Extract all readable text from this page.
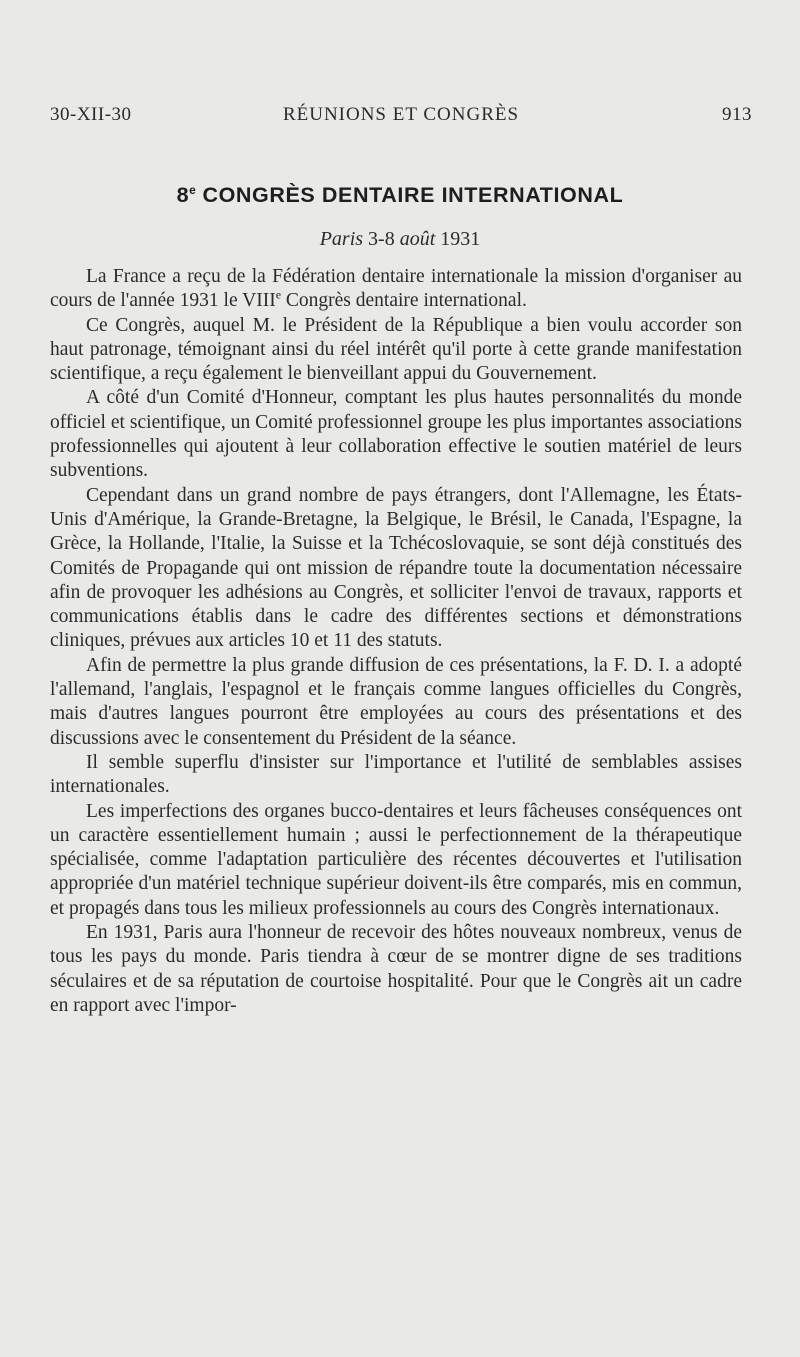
30-XII-30	RÉUNIONS ET CONGRÈS	913
8e CONGRÈS DENTAIRE INTERNATIONAL
Paris 3-8 août 1931

La France a reçu de la Fédération dentaire internationale la mission d'organiser au cours de l'année 1931 le VIIIe Congrès dentaire international.

Ce Congrès, auquel M. le Président de la République a bien voulu accorder son haut patronage, témoignant ainsi du réel intérêt qu'il porte à cette grande manifestation scientifique, a reçu également le bienveillant appui du Gouvernement.

A côté d'un Comité d'Honneur, comptant les plus hautes personnalités du monde officiel et scientifique, un Comité professionnel groupe les plus importantes associations professionnelles qui ajoutent à leur collaboration effective le soutien matériel de leurs subventions.

Cependant dans un grand nombre de pays étrangers, dont l'Allemagne, les États-Unis d'Amérique, la Grande-Bretagne, la Belgique, le Brésil, le Canada, l'Espagne, la Grèce, la Hollande, l'Italie, la Suisse et la Tchécoslovaquie, se sont déjà constitués des Comités de Propagande qui ont mission de répandre toute la documentation nécessaire afin de provoquer les adhésions au Congrès, et solliciter l'envoi de travaux, rapports et communications établis dans le cadre des différentes sections et démonstrations cliniques, prévues aux articles 10 et 11 des statuts.

Afin de permettre la plus grande diffusion de ces présentations, la F. D. I. a adopté l'allemand, l'anglais, l'espagnol et le français comme langues officielles du Congrès, mais d'autres langues pourront être employées au cours des présentations et des discussions avec le consentement du Président de la séance.

Il semble superflu d'insister sur l'importance et l'utilité de semblables assises internationales.

Les imperfections des organes bucco-dentaires et leurs fâcheuses conséquences ont un caractère essentiellement humain ; aussi le perfectionnement de la thérapeutique spécialisée, comme l'adaptation particulière des récentes découvertes et l'utilisation appropriée d'un matériel technique supérieur doivent-ils être comparés, mis en commun, et propagés dans tous les milieux professionnels au cours des Congrès internationaux.

En 1931, Paris aura l'honneur de recevoir des hôtes nouveaux nombreux, venus de tous les pays du monde. Paris tiendra à cœur de se montrer digne de ses traditions séculaires et de sa réputation de courtoise hospitalité. Pour que le Congrès ait un cadre en rapport avec l'impor-
